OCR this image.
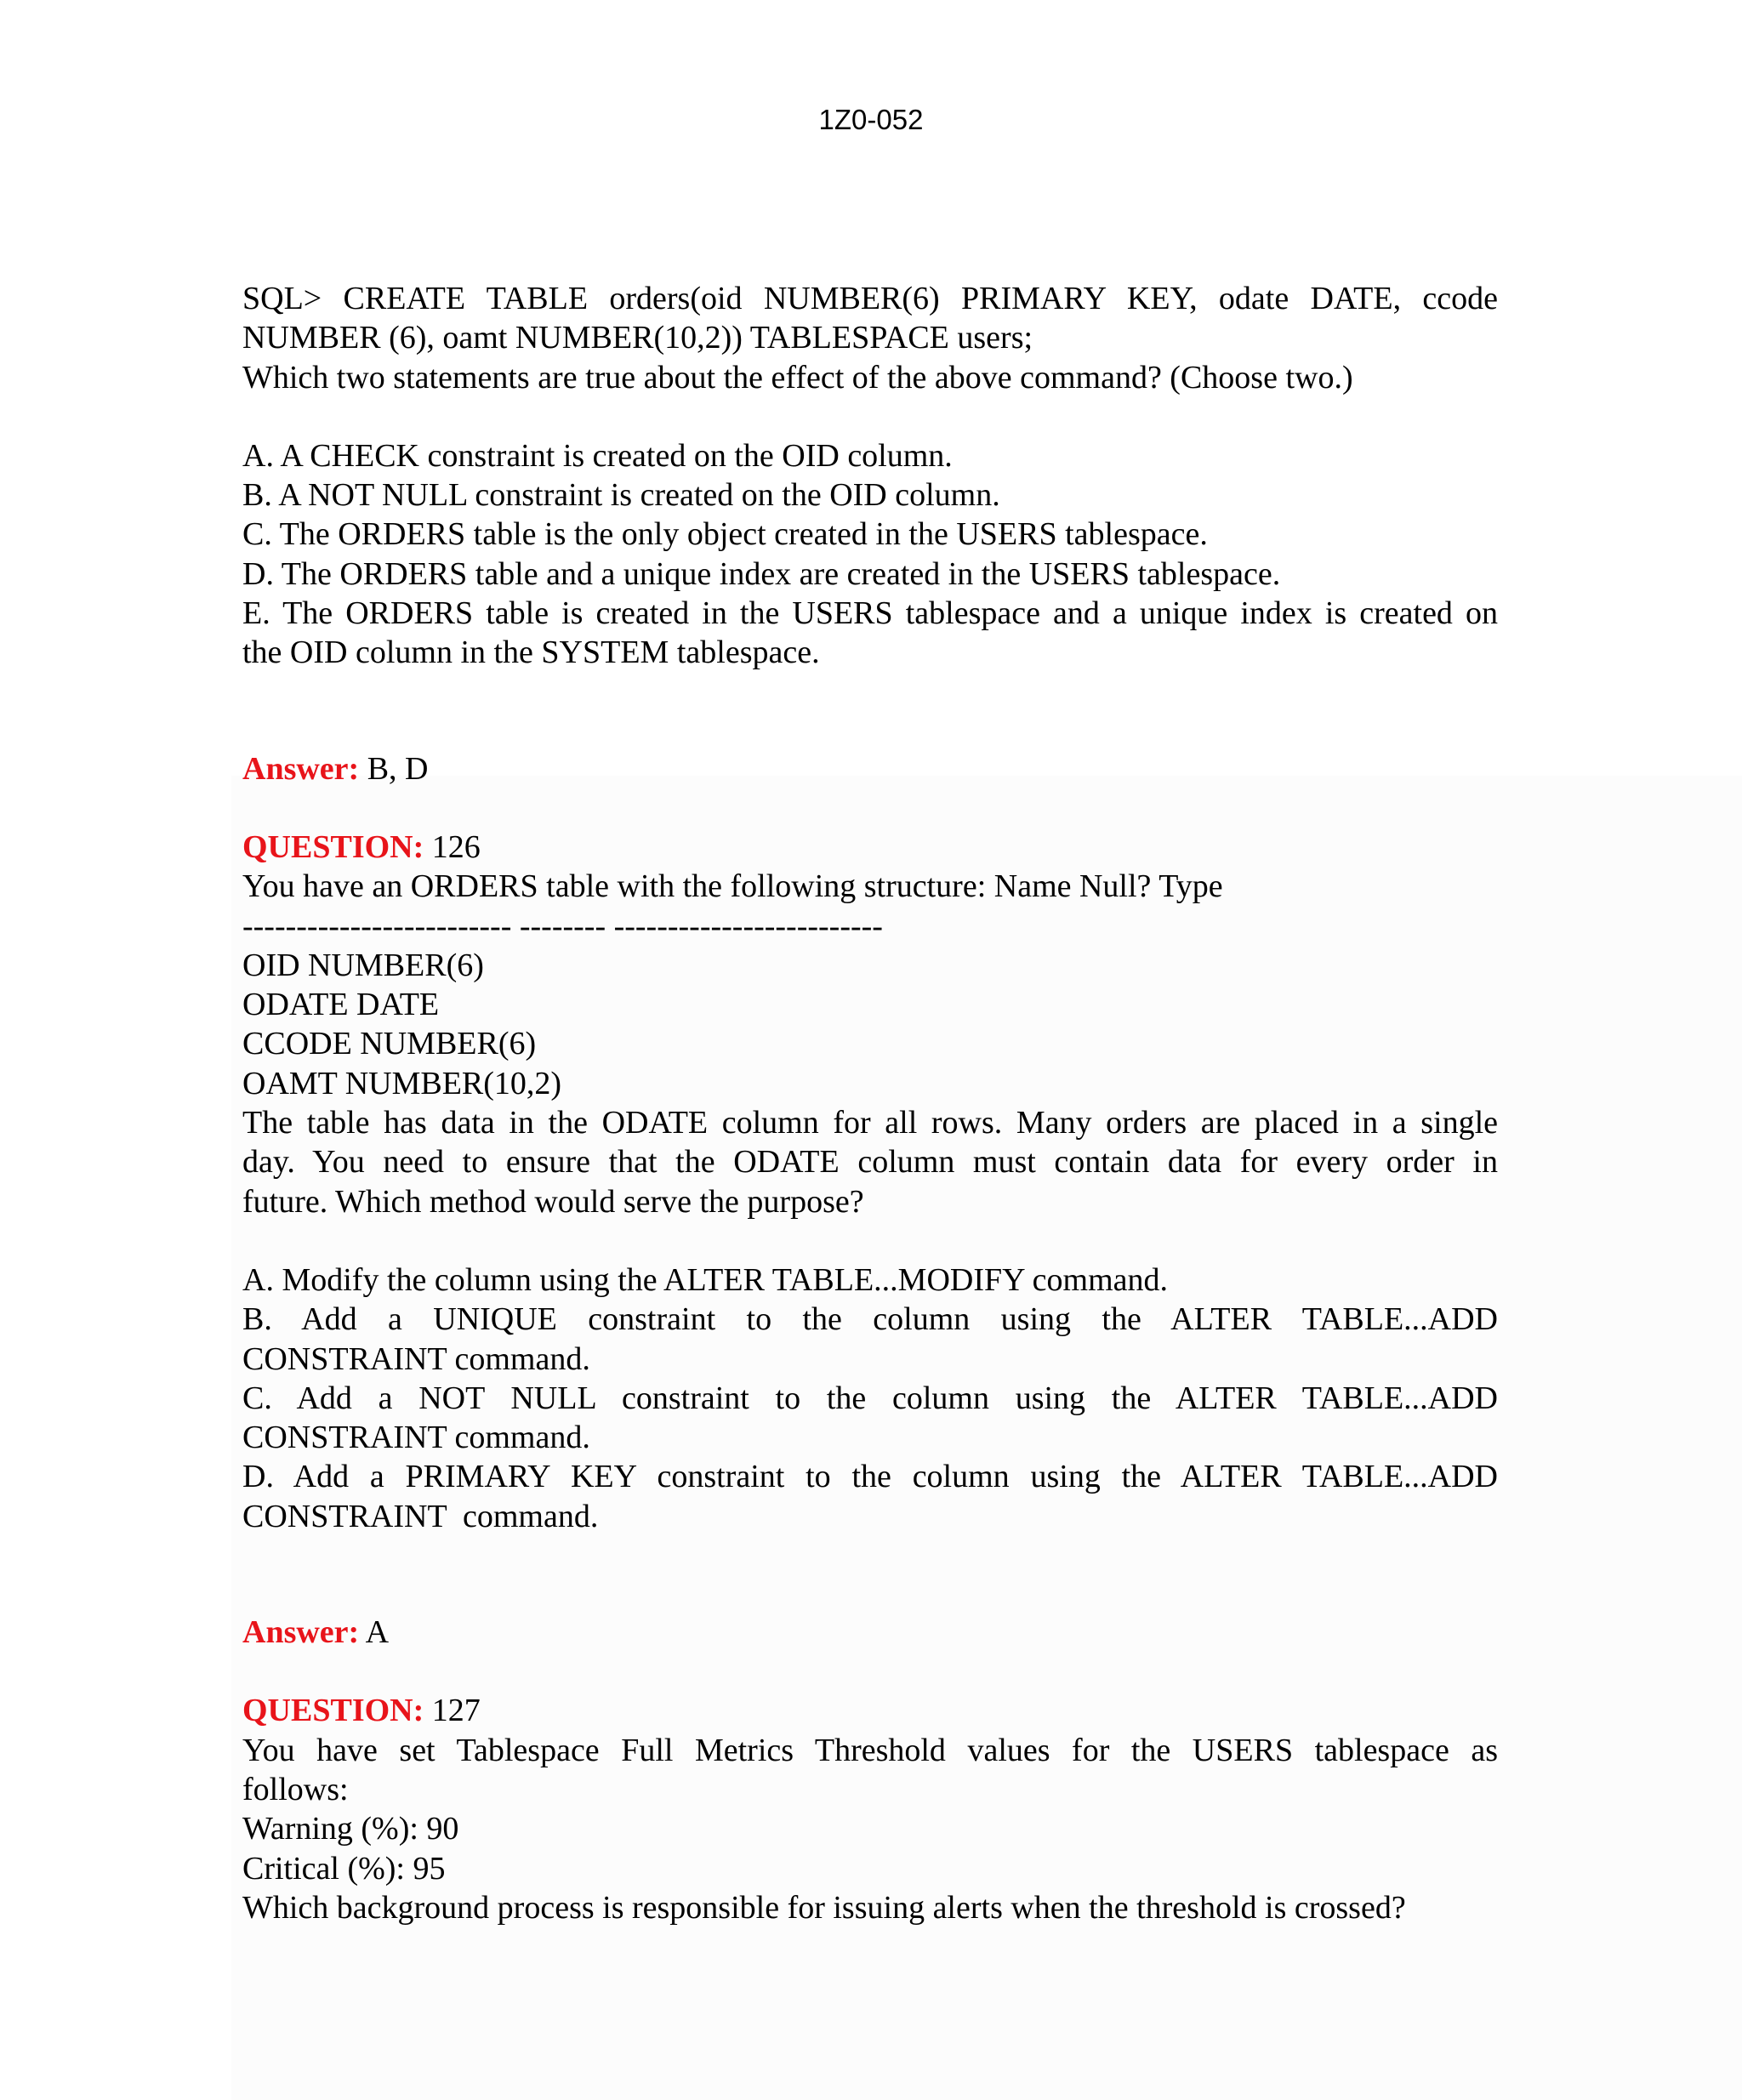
1Z0-052
SQL> CREATE TABLE orders(oid NUMBER(6) PRIMARY KEY, odate DATE, ccode
NUMBER (6), oamt NUMBER(10,2)) TABLESPACE users;
Which two statements are true about the effect of the above command? (Choose two.)
A. A CHECK constraint is created on the OID column.
B. A NOT NULL constraint is created on the OID column.
C. The ORDERS table is the only object created in the USERS tablespace.
D. The ORDERS table and a unique index are created in the USERS tablespace.
E. The ORDERS table is created in the USERS tablespace and a unique index is created on
the OID column in the SYSTEM tablespace.
Answer: B, D
QUESTION: 126
You have an ORDERS table with the following structure: Name Null? Type
------------------------- -------- -------------------------
OID NUMBER(6)
ODATE DATE
CCODE NUMBER(6)
OAMT NUMBER(10,2)
The table has data in the ODATE column for all rows. Many orders are placed in a single
day. You need to ensure that the ODATE column must contain data for every order in
future. Which method would serve the purpose?
A. Modify the column using the ALTER TABLE...MODIFY command.
B. Add a UNIQUE constraint to the column using the ALTER TABLE...ADD
CONSTRAINT command.
C. Add a NOT NULL constraint to the column using the ALTER TABLE...ADD
CONSTRAINT command.
D. Add a PRIMARY KEY constraint to the column using the ALTER TABLE...ADD
CONSTRAINT  command.
Answer: A
QUESTION: 127
You have set Tablespace Full Metrics Threshold values for the USERS tablespace as
follows:
Warning (%): 90
Critical (%): 95
Which background process is responsible for issuing alerts when the threshold is crossed?
